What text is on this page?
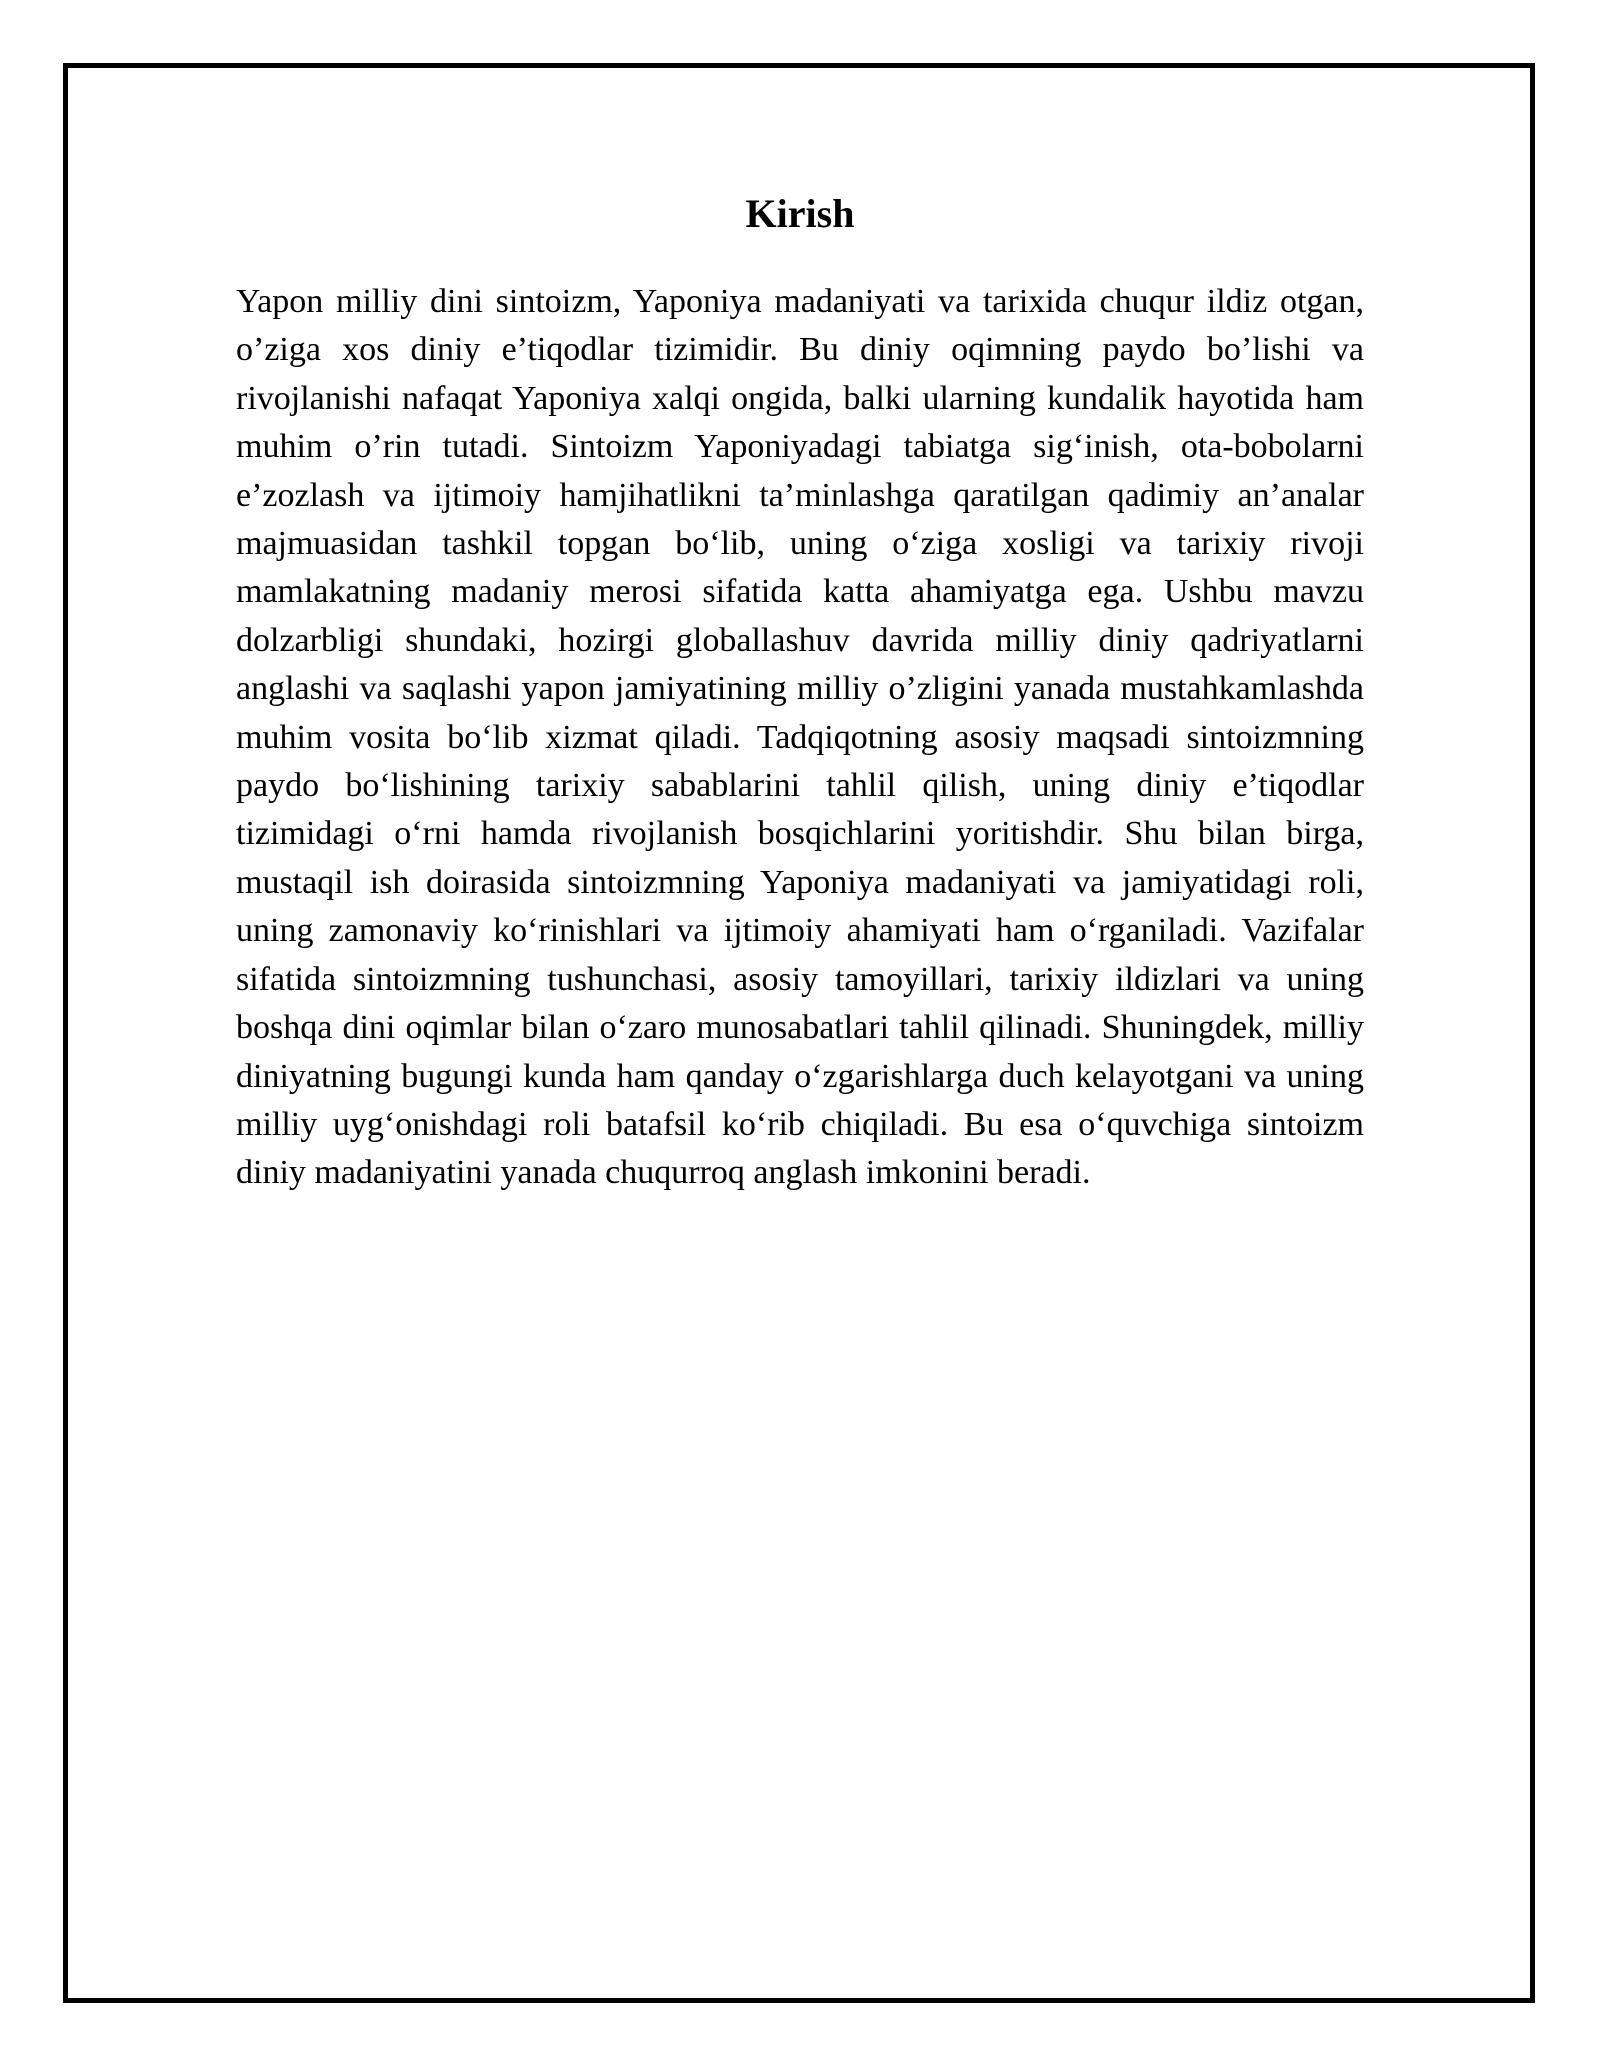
Kirish

Yapon milliy dini sintoizm, Yaponiya madaniyati va tarixida chuqur ildiz otgan, o’ziga xos diniy e’tiqodlar tizimidir. Bu diniy oqimning paydo bo’lishi va rivojlanishi nafaqat Yaponiya xalqi ongida, balki ularning kundalik hayotida ham muhim o’rin tutadi. Sintoizm Yaponiyadagi tabiatga sig‘inish, ota-bobolarni e’zozlash va ijtimoiy hamjihatlikni ta’minlashga qaratilgan qadimiy an’analar majmuasidan tashkil topgan bo‘lib, uning o‘ziga xosligi va tarixiy rivoji mamlakatning madaniy merosi sifatida katta ahamiyatga ega. Ushbu mavzu dolzarbligi shundaki, hozirgi globallashuv davrida milliy diniy qadriyatlarni anglashi va saqlashi yapon jamiyatining milliy o’zligini yanada mustahkamlashda muhim vosita bo‘lib xizmat qiladi. Tadqiqotning asosiy maqsadi sintoizmning paydo bo‘lishining tarixiy sabablarini tahlil qilish, uning diniy e’tiqodlar tizimidagi o‘rni hamda rivojlanish bosqichlarini yoritishdir. Shu bilan birga, mustaqil ish doirasida sintoizmning Yaponiya madaniyati va jamiyatidagi roli, uning zamonaviy ko‘rinishlari va ijtimoiy ahamiyati ham o‘rganiladi. Vazifalar sifatida sintoizmning tushunchasi, asosiy tamoyillari, tarixiy ildizlari va uning boshqa dini oqimlar bilan o‘zaro munosabatlari tahlil qilinadi. Shuningdek, milliy diniyatning bugungi kunda ham qanday o‘zgarishlarga duch kelayotgani va uning milliy uyg‘onishdagi roli batafsil ko‘rib chiqiladi. Bu esa o‘quvchiga sintoizm diniy madaniyatini yanada chuqurroq anglash imkonini beradi.
